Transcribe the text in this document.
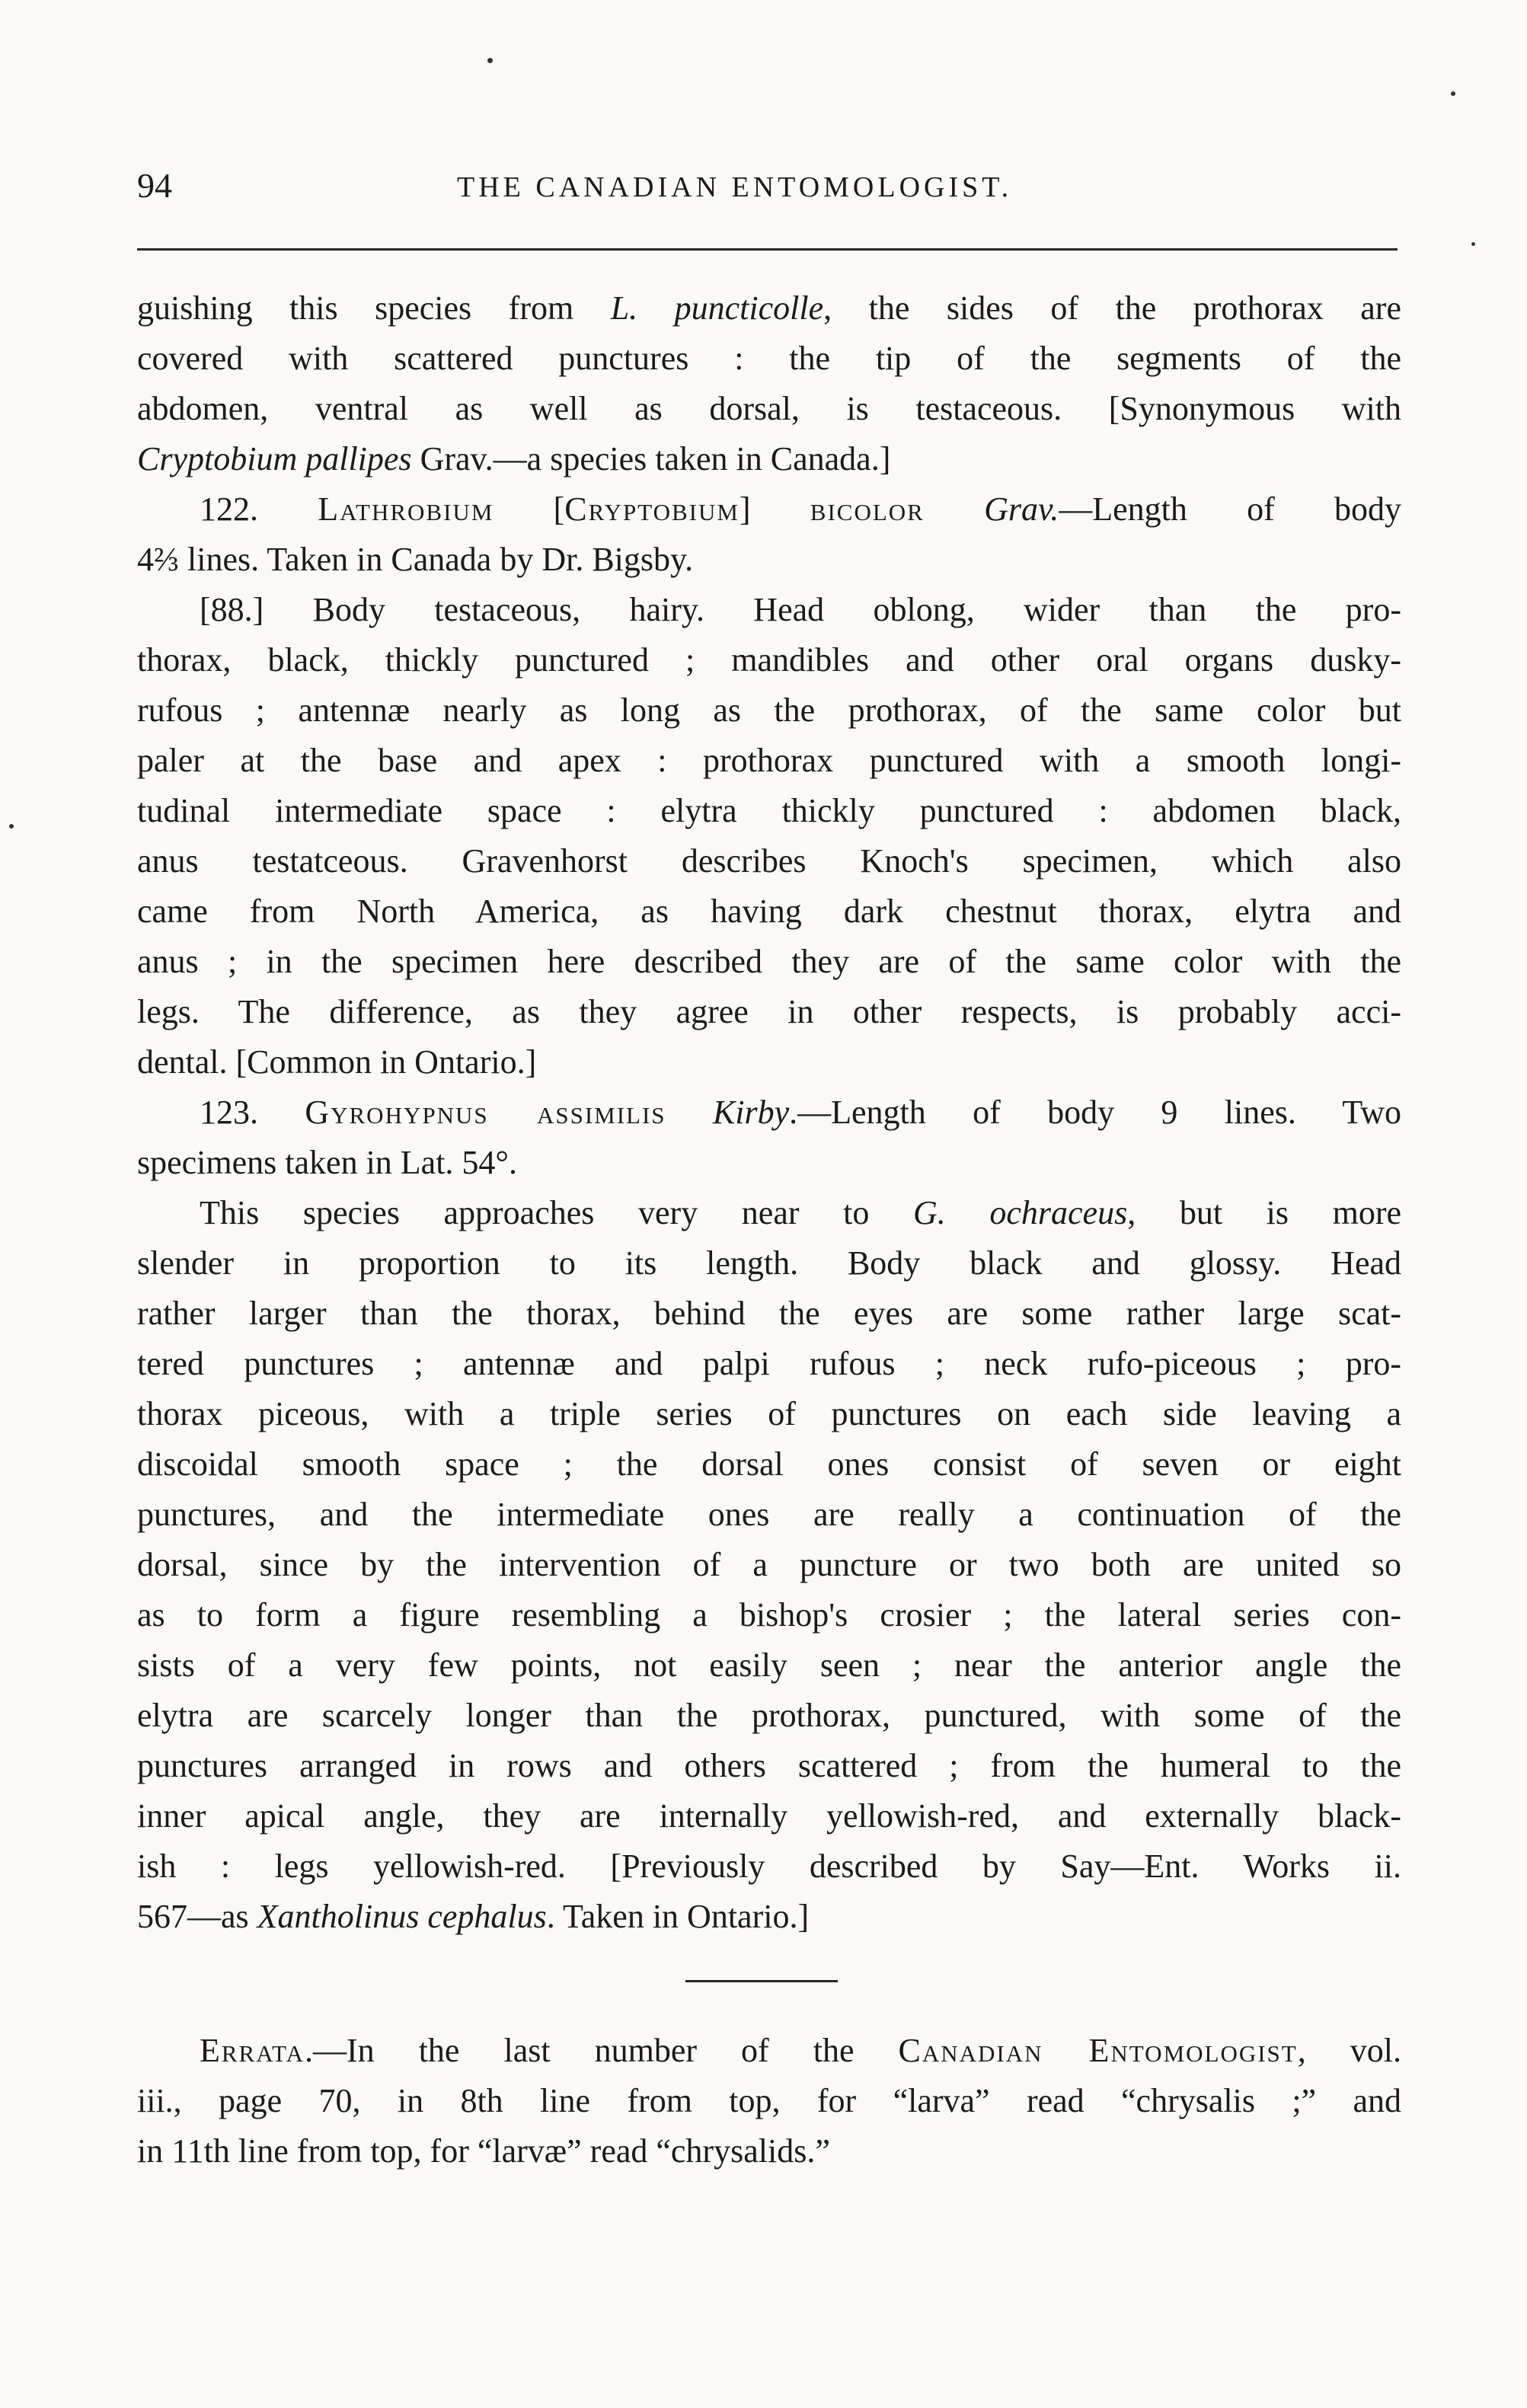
94	THE CANADIAN ENTOMOLOGIST.
guishing this species from L. puncticolle, the sides of the prothorax are
covered with scattered punctures : the tip of the segments of the
abdomen, ventral as well as dorsal, is testaceous. [Synonymous with
Cryptobium pallipes Grav.—a species taken in Canada.]
122. Lathrobium [Cryptobium] bicolor Grav.—Length of body
4⅔ lines. Taken in Canada by Dr. Bigsby.
[88.] Body testaceous, hairy. Head oblong, wider than the pro-
thorax, black, thickly punctured ; mandibles and other oral organs dusky-
rufous ; antennæ nearly as long as the prothorax, of the same color but
paler at the base and apex : prothorax punctured with a smooth longi-
tudinal intermediate space : elytra thickly punctured : abdomen black,
anus testatceous. Gravenhorst describes Knoch's specimen, which also
came from North America, as having dark chestnut thorax, elytra and
anus ; in the specimen here described they are of the same color with the
legs. The difference, as they agree in other respects, is probably acci-
dental. [Common in Ontario.]
123. Gyrohypnus assimilis Kirby.—Length of body 9 lines. Two
specimens taken in Lat. 54°.
This species approaches very near to G. ochraceus, but is more
slender in proportion to its length. Body black and glossy. Head
rather larger than the thorax, behind the eyes are some rather large scat-
tered punctures ; antennæ and palpi rufous ; neck rufo-piceous ; pro-
thorax piceous, with a triple series of punctures on each side leaving a
discoidal smooth space ; the dorsal ones consist of seven or eight
punctures, and the intermediate ones are really a continuation of the
dorsal, since by the intervention of a puncture or two both are united so
as to form a figure resembling a bishop's crosier ; the lateral series con-
sists of a very few points, not easily seen ; near the anterior angle the
elytra are scarcely longer than the prothorax, punctured, with some of the
punctures arranged in rows and others scattered ; from the humeral to the
inner apical angle, they are internally yellowish-red, and externally black-
ish : legs yellowish-red. [Previously described by Say—Ent. Works ii.
567—as Xantholinus cephalus. Taken in Ontario.]
Errata.—In the last number of the Canadian Entomologist, vol.
iii., page 70, in 8th line from top, for “larva” read “chrysalis ;” and
in 11th line from top, for “larvæ” read “chrysalids.”
